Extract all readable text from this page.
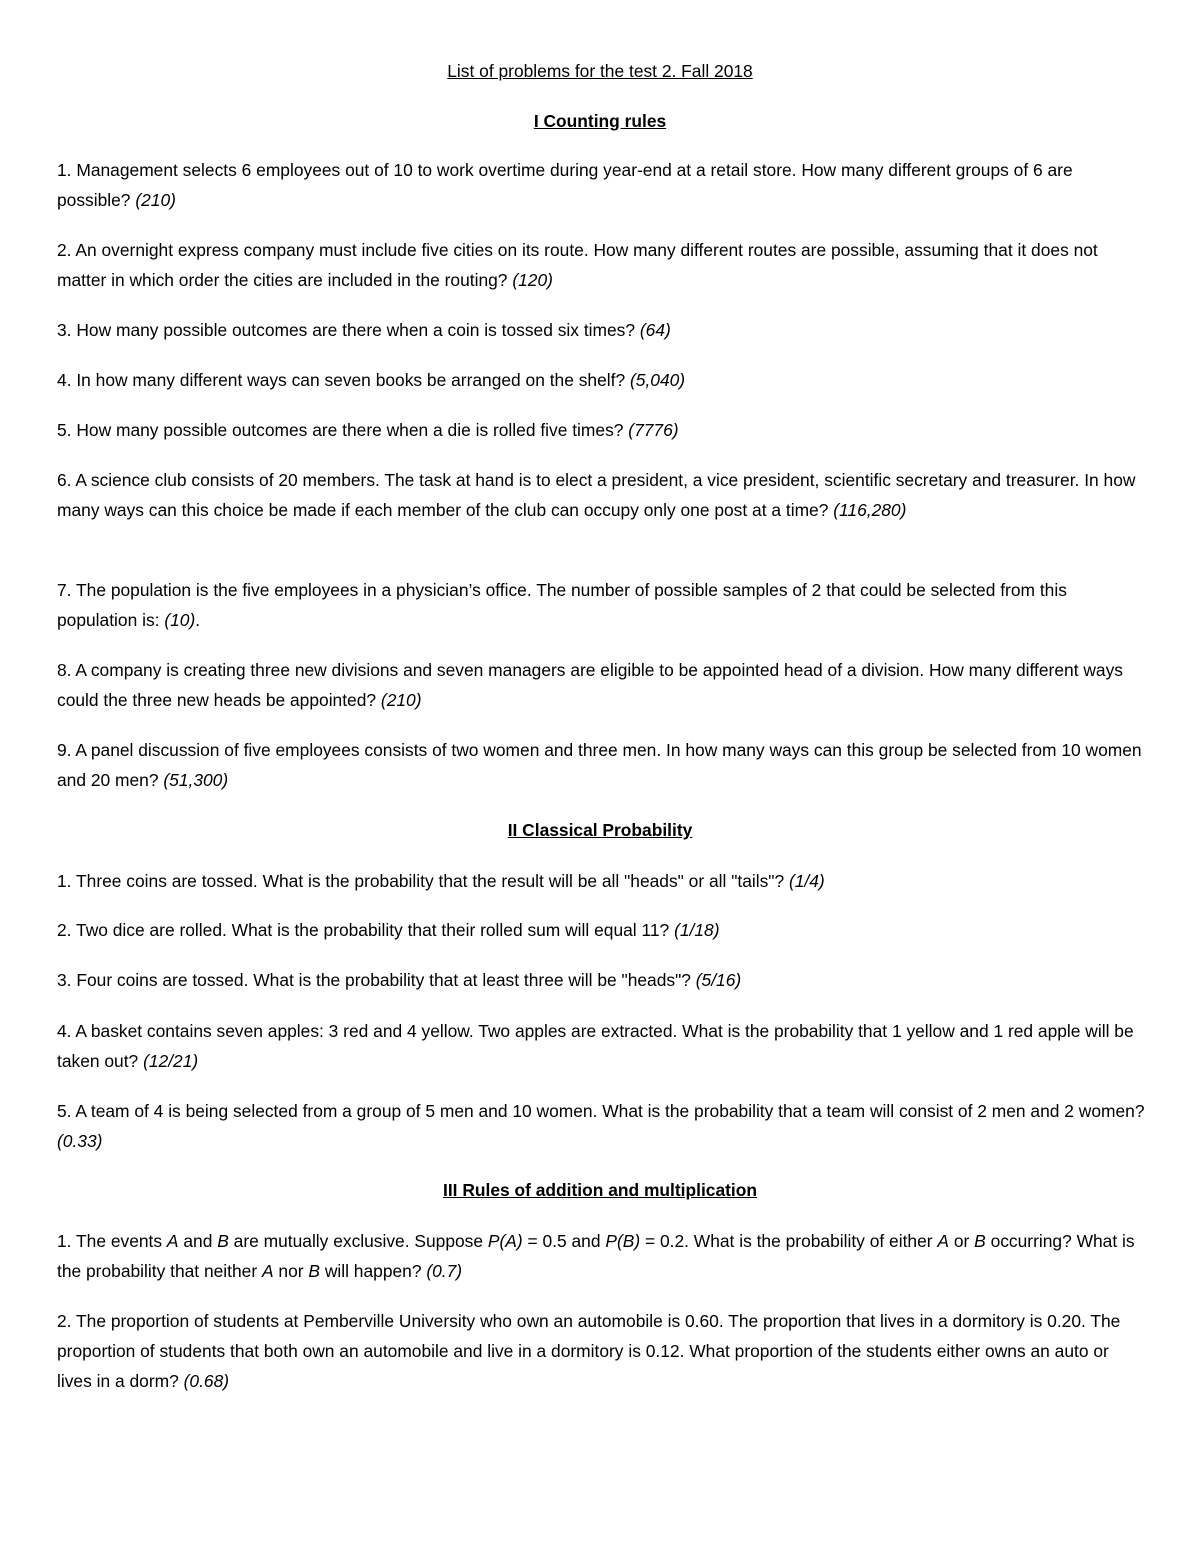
List of problems for the test 2. Fall 2018
I Counting rules

1. Management selects 6 employees out of 10 to work overtime during year-end at a retail store. How many different groups of 6 are possible? (210)

2. An overnight express company must include five cities on its route. How many different routes are possible, assuming that it does not matter in which order the cities are included in the routing? (120)

3. How many possible outcomes are there when a coin is tossed six times? (64)

4. In how many different ways can seven books be arranged on the shelf? (5,040)

5. How many possible outcomes are there when a die is rolled five times? (7776)

6. A science club consists of 20 members. The task at hand is to elect a president, a vice president, scientific secretary and treasurer. In how many ways can this choice be made if each member of the club can occupy only one post at a time? (116,280)

7. The population is the five employees in a physician’s office. The number of possible samples of 2 that could be selected from this population is: (10).

8. A company is creating three new divisions and seven managers are eligible to be appointed head of a division. How many different ways could the three new heads be appointed? (210)

9. A panel discussion of five employees consists of two women and three men. In how many ways can this group be selected from 10 women and 20 men? (51,300)

II Classical Probability

1. Three coins are tossed. What is the probability that the result will be all "heads" or all "tails"? (1/4)

2. Two dice are rolled. What is the probability that their rolled sum will equal 11? (1/18)

3. Four coins are tossed. What is the probability that at least three will be "heads"? (5/16)

4. A basket contains seven apples: 3 red and 4 yellow. Two apples are extracted. What is the probability that 1 yellow and 1 red apple will be taken out? (12/21)

5. A team of 4 is being selected from a group of 5 men and 10 women. What is the probability that a team will consist of 2 men and 2 women? (0.33)

III Rules of addition and multiplication

1. The events A and B are mutually exclusive. Suppose P(A) = 0.5 and P(B) = 0.2. What is the probability of either A or B occurring? What is the probability that neither A nor B will happen? (0.7)

2. The proportion of students at Pemberville University who own an automobile is 0.60. The proportion that lives in a dormitory is 0.20. The proportion of students that both own an automobile and live in a dormitory is 0.12. What proportion of the students either owns an auto or lives in a dorm? (0.68)
